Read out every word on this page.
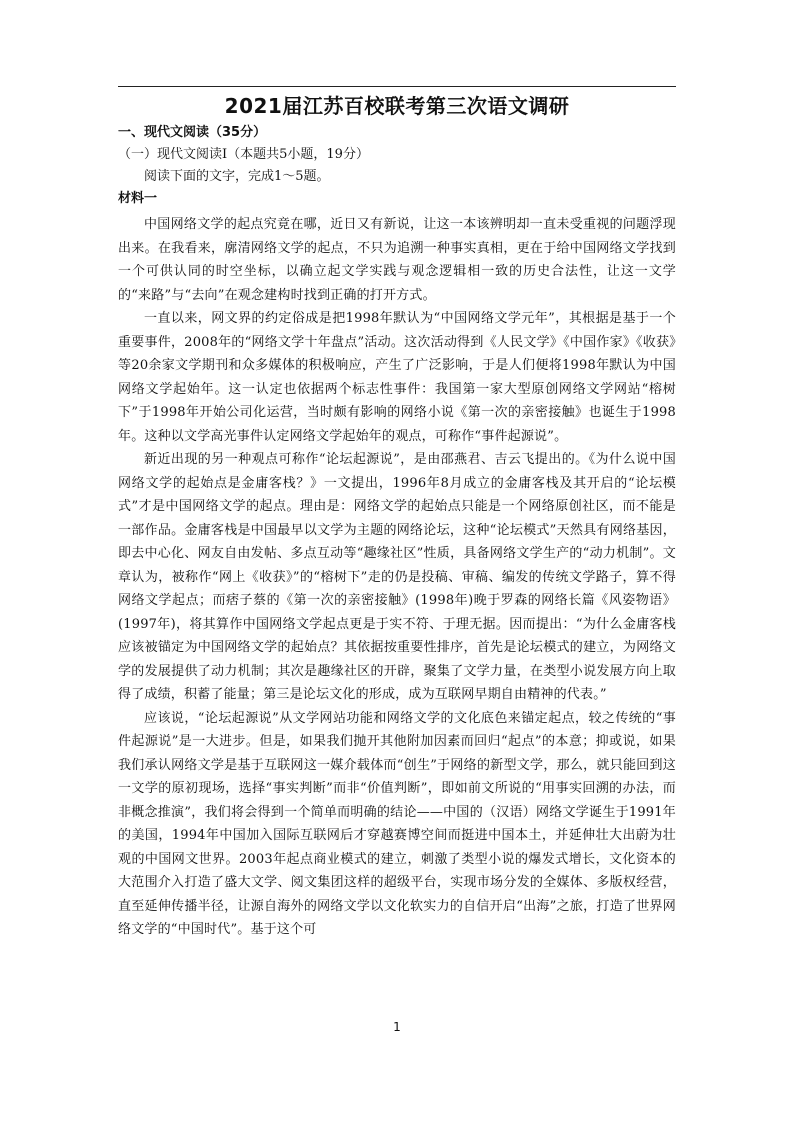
2021届江苏百校联考第三次语文调研

一、现代文阅读（35分）

（一）现代文阅读Ⅰ（本题共5小题，19分）

阅读下面的文字，完成1～5题。

材料一

中国网络文学的起点究竟在哪，近日又有新说，让这一本该辨明却一直未受重视的问题浮现出来。在我看来，廓清网络文学的起点，不只为追溯一种事实真相，更在于给中国网络文学找到一个可供认同的时空坐标，以确立起文学实践与观念逻辑相一致的历史合法性，让这一文学的“来路”与“去向”在观念建构时找到正确的打开方式。

一直以来，网文界的约定俗成是把1998年默认为“中国网络文学元年”，其根据是基于一个重要事件，2008年的“网络文学十年盘点”活动。这次活动得到《人民文学》《中国作家》《收获》等20余家文学期刊和众多媒体的积极响应，产生了广泛影响，于是人们便将1998年默认为中国网络文学起始年。这一认定也依据两个标志性事件：我国第一家大型原创网络文学网站“榕树下”于1998年开始公司化运营，当时颇有影响的网络小说《第一次的亲密接触》也诞生于1998年。这种以文学高光事件认定网络文学起始年的观点，可称作“事件起源说”。

新近出现的另一种观点可称作“论坛起源说”，是由邵燕君、吉云飞提出的。《为什么说中国网络文学的起始点是金庸客栈？》一文提出，1996年8月成立的金庸客栈及其开启的“论坛模式”才是中国网络文学的起点。理由是：网络文学的起始点只能是一个网络原创社区，而不能是一部作品。金庸客栈是中国最早以文学为主题的网络论坛，这种“论坛模式”天然具有网络基因，即去中心化、网友自由发帖、多点互动等“趣缘社区”性质，具备网络文学生产的“动力机制”。文章认为，被称作“网上《收获》”的“榕树下”走的仍是投稿、审稿、编发的传统文学路子，算不得网络文学起点；而痞子蔡的《第一次的亲密接触》(1998年)晚于罗森的网络长篇《风姿物语》(1997年)，将其算作中国网络文学起点更是于实不符、于理无据。因而提出：“为什么金庸客栈应该被锚定为中国网络文学的起始点？其依据按重要性排序，首先是论坛模式的建立，为网络文学的发展提供了动力机制；其次是趣缘社区的开辟，聚集了文学力量，在类型小说发展方向上取得了成绩，积蓄了能量；第三是论坛文化的形成，成为互联网早期自由精神的代表。”

应该说，“论坛起源说”从文学网站功能和网络文学的文化底色来锚定起点，较之传统的“事件起源说”是一大进步。但是，如果我们抛开其他附加因素而回归“起点”的本意；抑或说，如果我们承认网络文学是基于互联网这一媒介载体而“创生”于网络的新型文学，那么，就只能回到这一文学的原初现场，选择“事实判断”而非“价值判断”，即如前文所说的“用事实回溯的办法，而非概念推演”，我们将会得到一个简单而明确的结论——中国的（汉语）网络文学诞生于1991年的美国，1994年中国加入国际互联网后才穿越赛博空间而挺进中国本土，并延伸壮大出蔚为壮观的中国网文世界。2003年起点商业模式的建立，刺激了类型小说的爆发式增长，文化资本的大范围介入打造了盛大文学、阅文集团这样的超级平台，实现市场分发的全媒体、多版权经营，直至延伸传播半径，让源自海外的网络文学以文化软实力的自信开启“出海”之旅，打造了世界网络文学的“中国时代”。基于这个可

1
